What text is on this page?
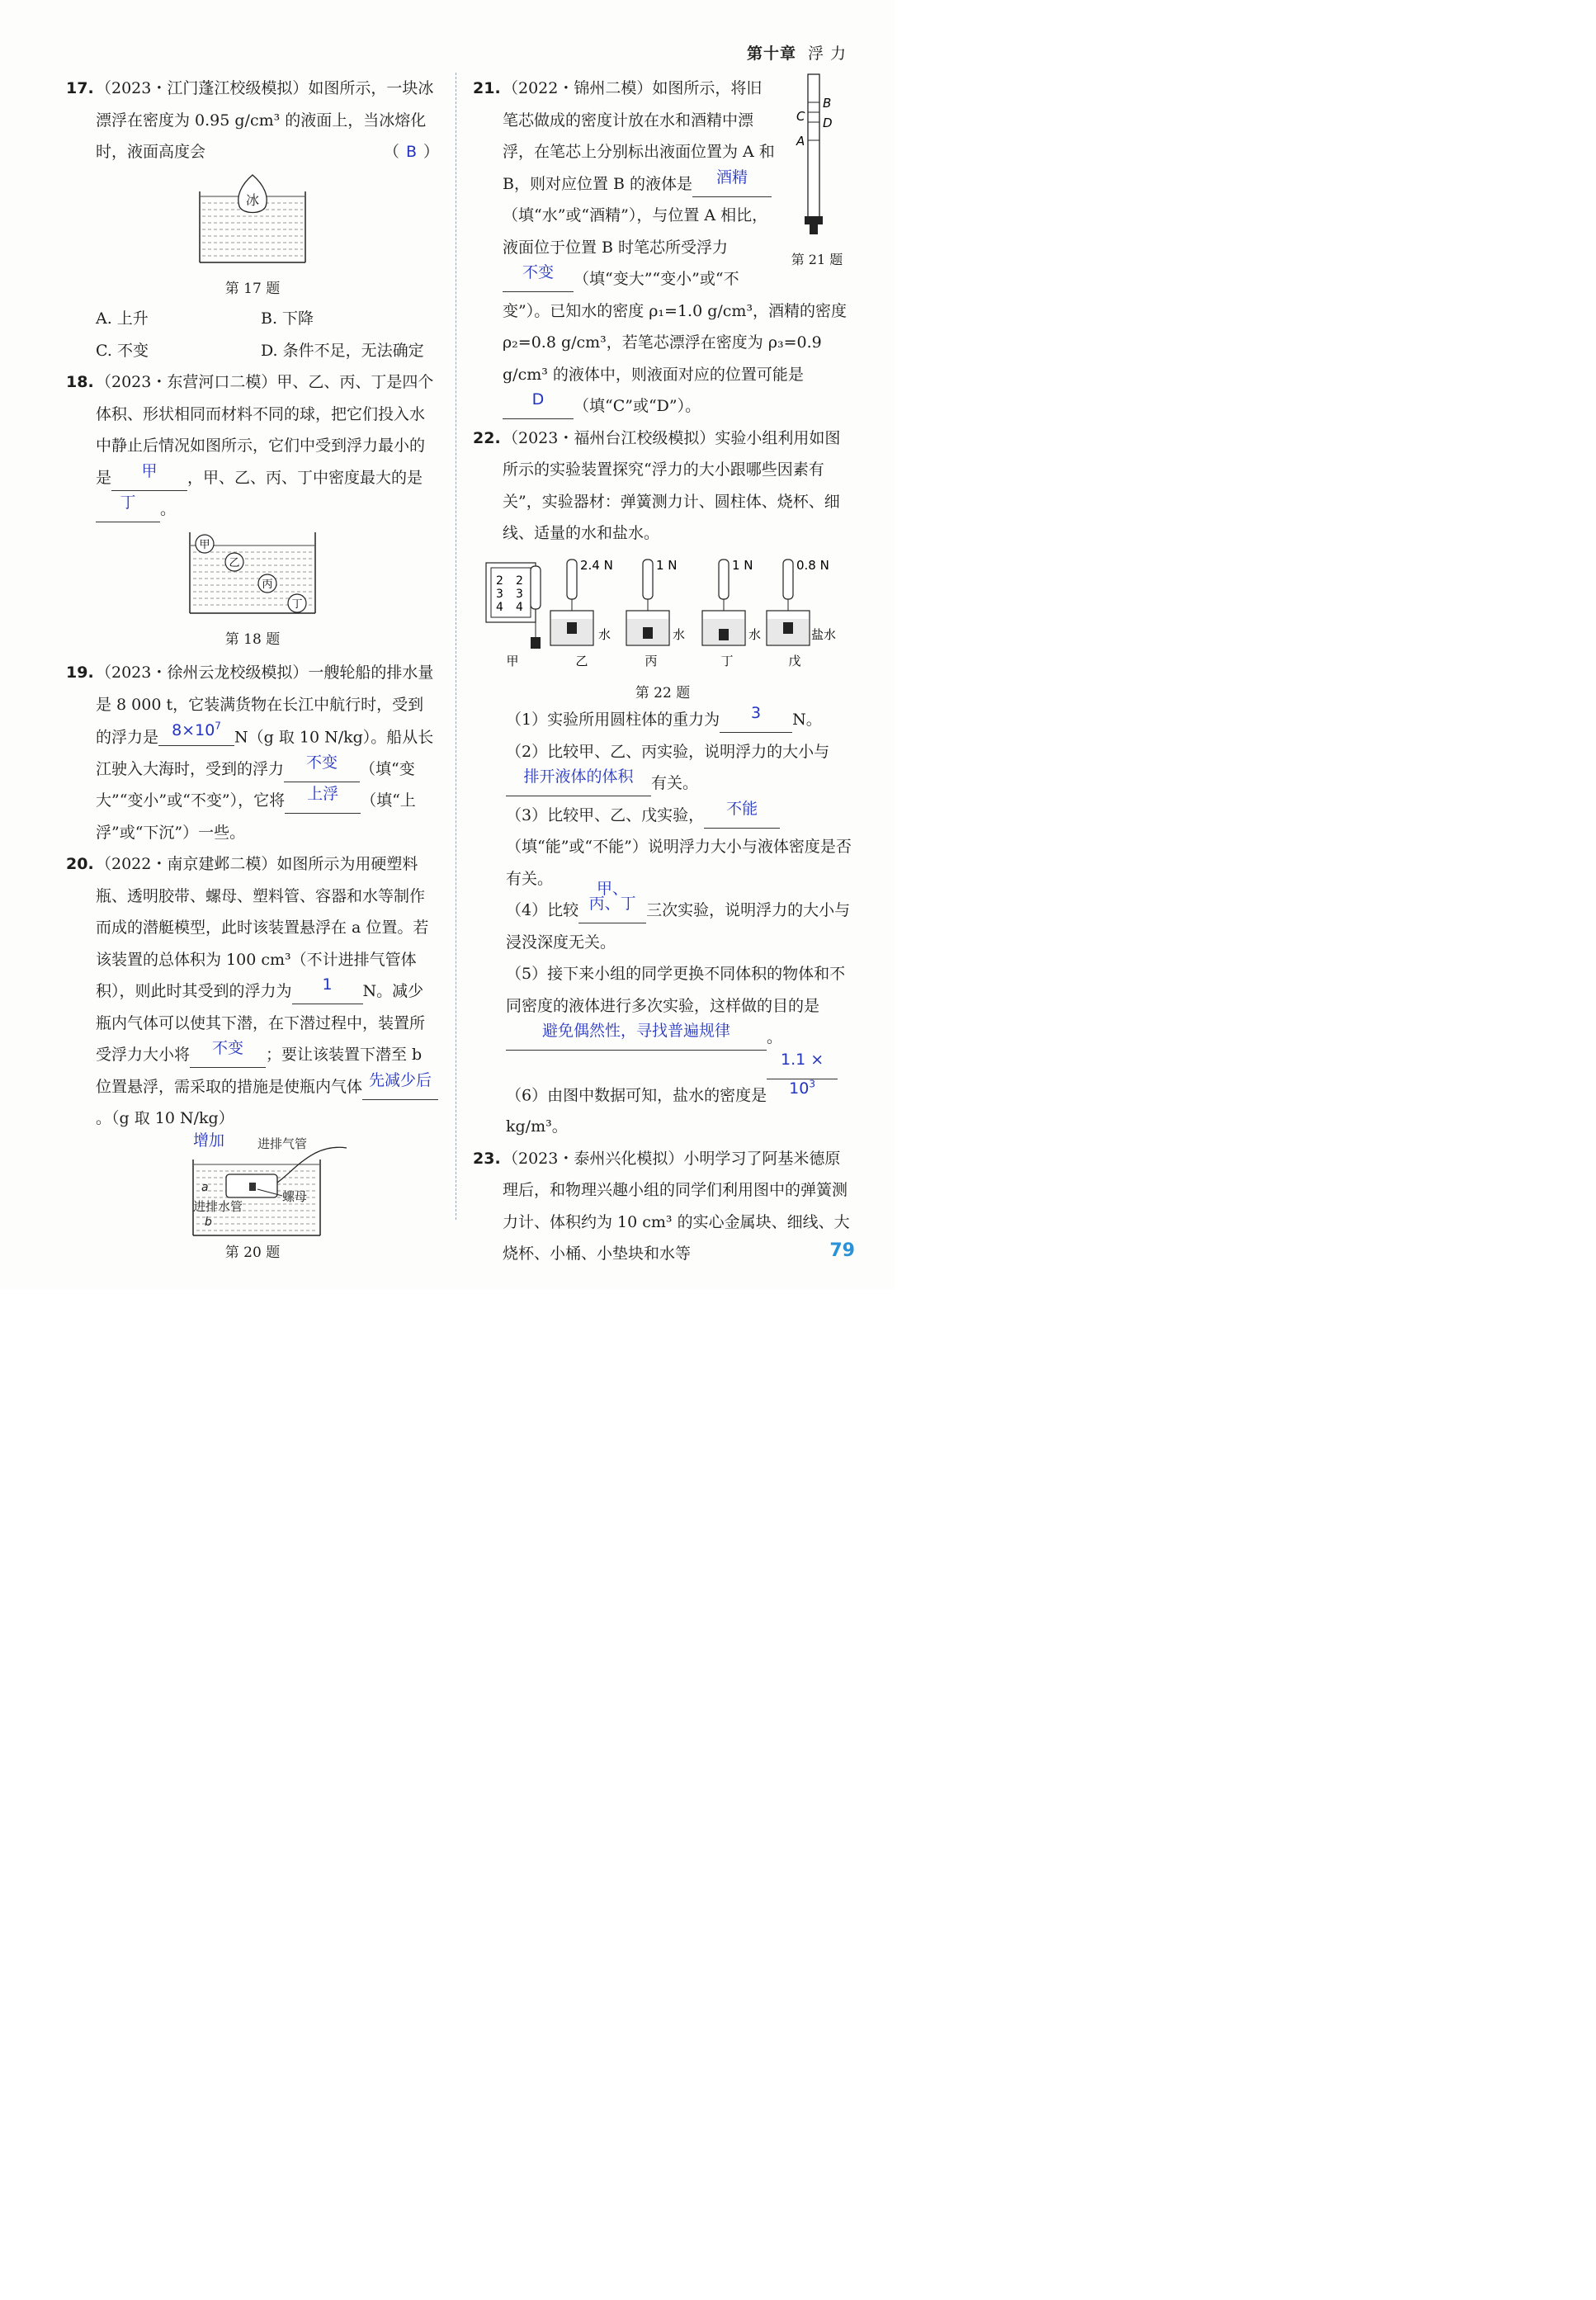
第十章 浮 力
17. （2023・江门蓬江校级模拟）如图所示，一块冰漂浮在密度为 0.95 g/cm³ 的液面上，当冰熔化时，液面高度会	（ B ）
冰
第 17 题
A. 上升	B. 下降
C. 不变	D. 条件不足，无法确定
18. （2023・东营河口二模）甲、乙、丙、丁是四个体积、形状相同而材料不同的球，把它们投入水中静止后情况如图所示，它们中受到浮力最小的是 甲 ，甲、乙、丙、丁中密度最大的是丁 。
甲
乙
丙
丁
第 18 题
19. （2023・徐州云龙校级模拟）一艘轮船的排水量是 8 000 t，它装满货物在长江中航行时，受到的浮力是 $8\times 10^7N(g$ 取 10 N/kg）。船从长江驶入大海时，受到的浮力 不变 （填“变大”“变小”或“不变”），它将 上浮 （填“上浮”或“下沉”）一些。
20. （2022・南京建邺二模）如图所示为用硬塑料瓶、透明胶带、螺母、塑料管、容器和水等制作而成的潜艇模型，此时该装置悬浮在 a 位置。若该装置的总体积为 100 cm³（不计进排气管体积），则此时其受到的浮力为 1 N。减少瓶内气体可以使其下潜，在下潜过程中，装置所受浮力大小将 不变 ；要让该装置下潜至 b 位置悬浮，需采取的措施是使瓶内气体 先减少后。（g 取 10 N/kg）
增加	进排气管
螺母
a
进排水管
b
第 20 题
21.
B
C D
A
第 21 题
（2022・锦州二模）如图所示，将旧笔芯做成的密度计放在水和酒精中漂浮，在笔芯上分别标出液面位置为 A 和 B，则对应位置 B 的液体是 酒精（填“水”或“酒精”），与位置 A 相比，液面位于位置 B 时笔芯所受浮力不变 （填“变大”“变小”或“不变”）。已知水的密度 ρ₁=1.0 g/cm³，酒精的密度 ρ₂=0.8 g/cm³，若笔芯漂浮在密度为 ρ₃=0.9 g/cm³ 的液体中，则液面对应的位置可能是D （填“C”或“D”）。
22. （2023・福州台江校级模拟）实验小组利用如图所示的实验装置探究“浮力的大小跟哪些因素有关”，实验器材：弹簧测力计、圆柱体、烧杯、细线、适量的水和盐水。
2
3
4
2
3
4
甲
2.4 N
水
乙
1 N
水
丙
1 N
水
丁
0.8 N
盐水
戊
第 22 题
（1）实验所用圆柱体的重力为 3 N。
（2）比较甲、乙、丙实验，说明浮力的大小与排开液体的体积 有关。
（3）比较甲、乙、戊实验， 不能（填“能”或“不能”）说明浮力大小与液体密度是否有关。
甲、
（4）比较 丙、丁 三次实验，说明浮力的大小与浸没深度无关。
（5）接下来小组的同学更换不同体积的物体和不同密度的液体进行多次实验，这样做的目的是避免偶然性，寻找普遍规律 。
（6）由图中数据可知，盐水的密度是$1.1 \times 10^3kg/m^3$。
23. （2023・泰州兴化模拟）小明学习了阿基米德原理后，和物理兴趣小组的同学们利用图中的弹簧测力计、体积约为 10 cm³ 的实心金属块、细线、大烧杯、小桶、小垫块和水等	79
